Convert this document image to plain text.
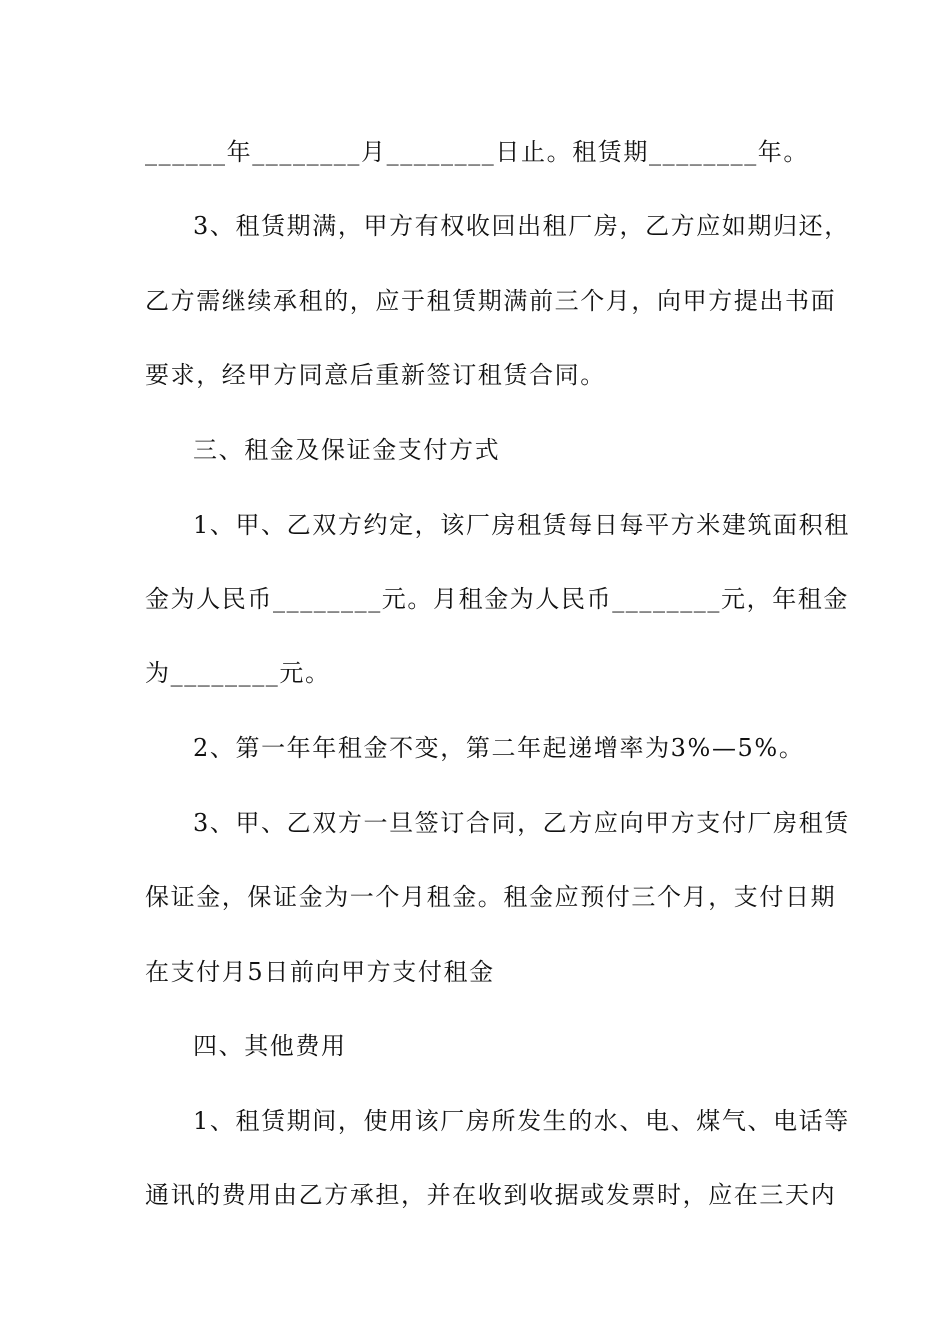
______年________月________日止。租赁期________年。
3、租赁期满，甲方有权收回出租厂房，乙方应如期归还，
乙方需继续承租的，应于租赁期满前三个月，向甲方提出书面
要求，经甲方同意后重新签订租赁合同。
三、租金及保证金支付方式
1、甲、乙双方约定，该厂房租赁每日每平方米建筑面积租
金为人民币________元。月租金为人民币________元，年租金
为________元。
2、第一年年租金不变，第二年起递增率为3%—5%。
3、甲、乙双方一旦签订合同，乙方应向甲方支付厂房租赁
保证金，保证金为一个月租金。租金应预付三个月，支付日期
在支付月5日前向甲方支付租金
四、其他费用
1、租赁期间，使用该厂房所发生的水、电、煤气、电话等
通讯的费用由乙方承担，并在收到收据或发票时，应在三天内
